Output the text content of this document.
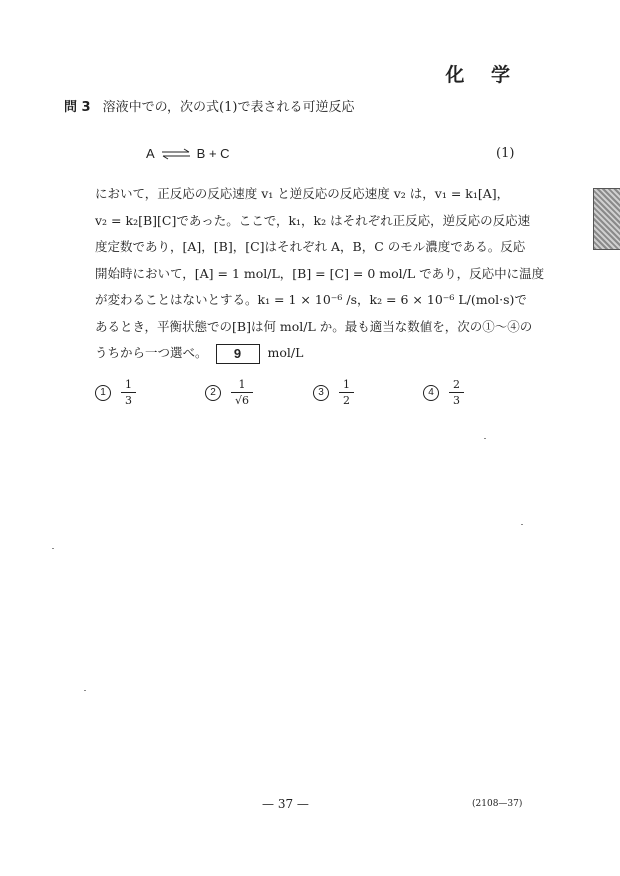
化 学
問 3 溶液中での，次の式(1)で表される可逆反応
A ⇌ B + C	(1)
において，正反応の反応速度 v₁ と逆反応の反応速度 v₂ は，v₁ = k₁[A]，
v₂ = k₂[B][C]であった。ここで，k₁，k₂ はそれぞれ正反応，逆反応の反応速
度定数であり，[A]，[B]，[C]はそれぞれ A，B，C のモル濃度である。反応
開始時において，[A] = 1 mol/L，[B] = [C] = 0 mol/L であり，反応中に温度
が変わることはないとする。k₁ = 1 × 10⁻⁶ /s，k₂ = 6 × 10⁻⁶ L/(mol·s)で
あるとき，平衡状態での[B]は何 mol/L か。最も適当な数値を，次の①～④の
うちから一つ選べ。 9 mol/L
1	$\frac{1}{3}$	2	$\frac{1}{√6}$	3	$\frac{1}{2}$	4	$\frac{2}{3}$
— 37 —	(2108—37)
